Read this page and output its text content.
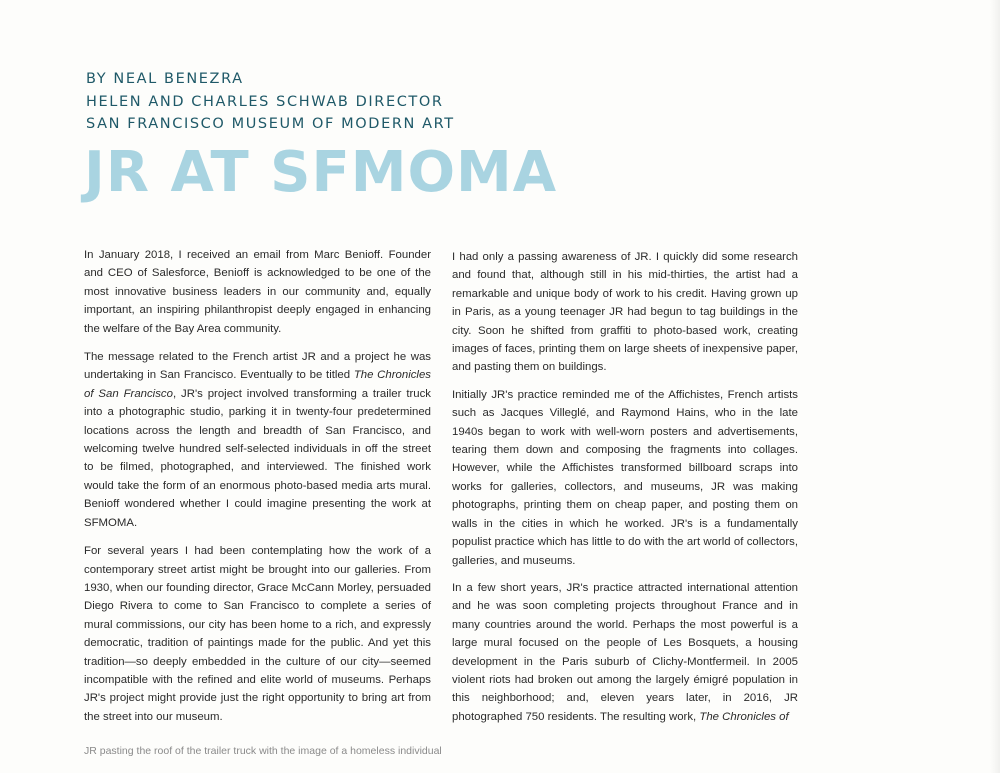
BY NEAL BENEZRA
HELEN AND CHARLES SCHWAB DIRECTOR
SAN FRANCISCO MUSEUM OF MODERN ART
JR AT SFMOMA

In January 2018, I received an email from Marc Benioff. Founder and CEO of Salesforce, Benioff is acknowledged to be one of the most innovative business leaders in our community and, equally important, an inspiring philanthropist deeply engaged in enhancing the welfare of the Bay Area community.

The message related to the French artist JR and a project he was undertaking in San Francisco. Eventually to be titled The Chronicles of San Francisco, JR's project involved transforming a trailer truck into a photographic studio, parking it in twenty-four predetermined locations across the length and breadth of San Francisco, and welcoming twelve hundred self-selected individuals in off the street to be filmed, photographed, and interviewed. The finished work would take the form of an enormous photo-based media arts mural. Benioff wondered whether I could imagine presenting the work at SFMOMA.

For several years I had been contemplating how the work of a contemporary street artist might be brought into our galleries. From 1930, when our founding director, Grace McCann Morley, persuaded Diego Rivera to come to San Francisco to complete a series of mural commissions, our city has been home to a rich, and expressly democratic, tradition of paintings made for the public. And yet this tradition—so deeply embedded in the culture of our city—seemed incompatible with the refined and elite world of museums. Perhaps JR's project might provide just the right opportunity to bring art from the street into our museum.

I had only a passing awareness of JR. I quickly did some research and found that, although still in his mid-thirties, the artist had a remarkable and unique body of work to his credit. Having grown up in Paris, as a young teenager JR had begun to tag buildings in the city. Soon he shifted from graffiti to photo-based work, creating images of faces, printing them on large sheets of inexpensive paper, and pasting them on buildings.

Initially JR's practice reminded me of the Affichistes, French artists such as Jacques Villeglé, and Raymond Hains, who in the late 1940s began to work with well-worn posters and advertisements, tearing them down and composing the fragments into collages. However, while the Affichistes transformed billboard scraps into works for galleries, collectors, and museums, JR was making photographs, printing them on cheap paper, and posting them on walls in the cities in which he worked. JR's is a fundamentally populist practice which has little to do with the art world of collectors, galleries, and museums.

In a few short years, JR's practice attracted international attention and he was soon completing projects throughout France and in many countries around the world. Perhaps the most powerful is a large mural focused on the people of Les Bosquets, a housing development in the Paris suburb of Clichy-Montfermeil. In 2005 violent riots had broken out among the largely émigré population in this neighborhood; and, eleven years later, in 2016, JR photographed 750 residents. The resulting work, The Chronicles of

JR pasting the roof of the trailer truck with the image of a homeless individual
